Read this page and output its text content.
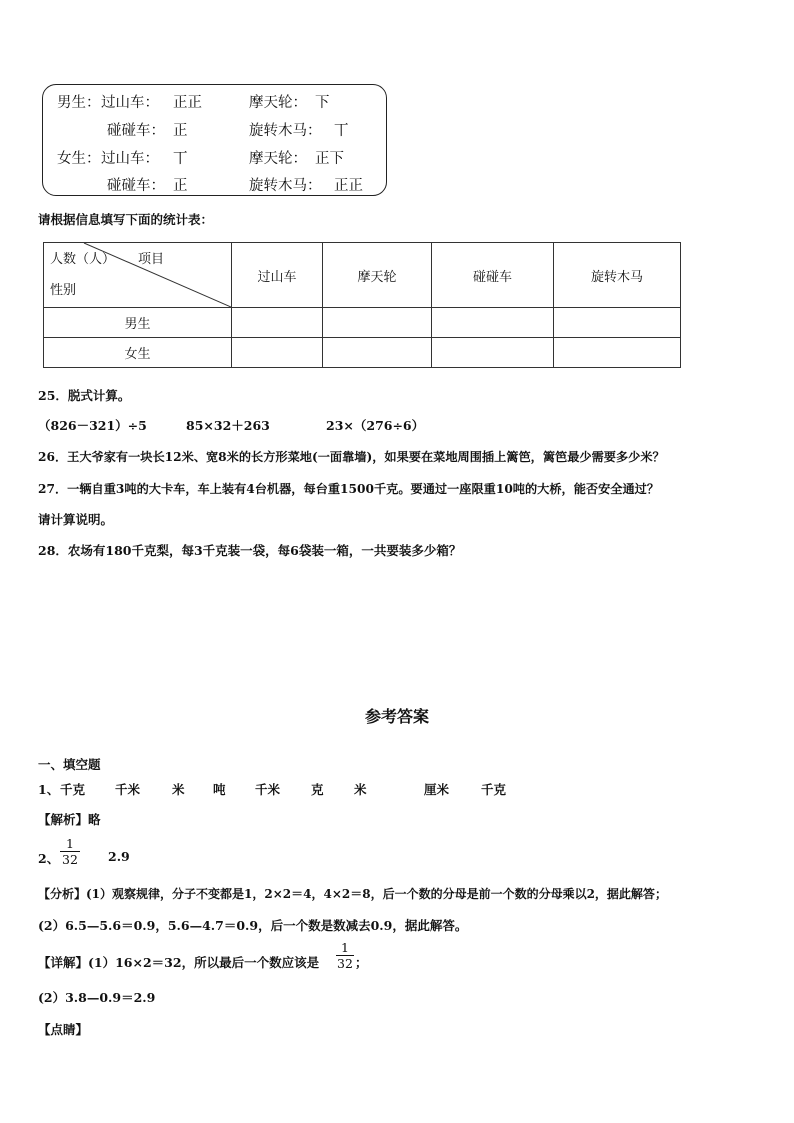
男生： 过山车： 正正	摩天轮： 下
碰碰车： 正	旋转木马： 丅
女生： 过山车： 丅	摩天轮： 正下
碰碰车： 正	旋转木马： 正正
请根据信息填写下面的统计表：
人数（人） 项目
性别	过山车	摩天轮	碰碰车	旋转木马
男生				
女生				
25．脱式计算。
（826－321）÷5	85×32＋263	23×（276÷6）
26．王大爷家有一块长12米、宽8米的长方形菜地(一面靠墙)，如果要在菜地周围插上篱笆，篱笆最少需要多少米？
27．一辆自重3吨的大卡车，车上装有4台机器，每台重1500千克。要通过一座限重10吨的大桥，能否安全通过？
请计算说明。
28．农场有180千克梨，每3千克装一袋，每6袋装一箱，一共要装多少箱？
参考答案
一、填空题
1、 千克 千米	米 吨 千米 克 米	厘米	千克
【解析】略
2、
1
32 2.9
【分析】(1）观察规律，分子不变都是1，2×2＝4，4×2＝8，后一个数的分母是前一个数的分母乘以2，据此解答；
(2）6.5—5.6＝0.9，5.6—4.7＝0.9，后一个数是数减去0.9，据此解答。
【详解】(1）16×2＝32，所以最后一个数应该是
1
32 ；
(2）3.8—0.9＝2.9
【点睛】
